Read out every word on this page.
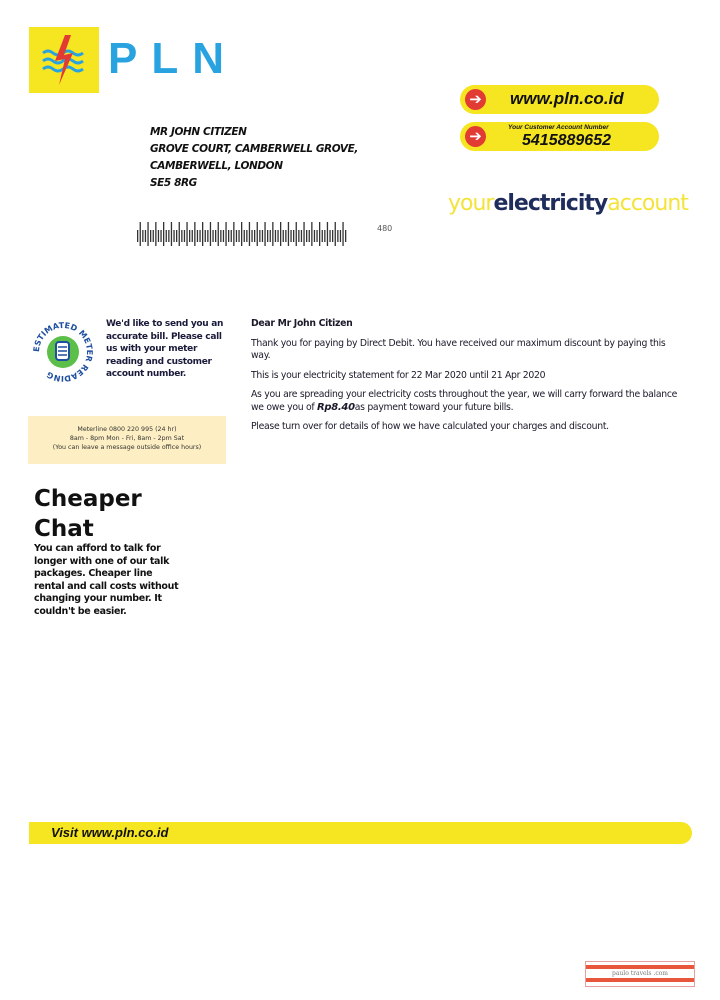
PLN
MR JOHN CITIZEN
GROVE COURT, CAMBERWELL GROVE,
CAMBERWELL, LONDON
SE5 8RG
480
➔ www.pln.co.id
➔	Your Customer Account Number
5415889652
yourelectricityaccount
ESTIMATED METER READING
We'd like to send you an accurate bill. Please call us with your meter reading and customer account number.
Meterline 0800 220 995 (24 hr)
8am - 8pm Mon - Fri, 8am - 2pm Sat
(You can leave a message outside office hours)
Cheaper
Chat
You can afford to talk for longer with one of our talk packages. Cheaper line rental and call costs without changing your number. It couldn't be easier.

Dear Mr John Citizen

Thank you for paying by Direct Debit. You have received our maximum discount by paying this way.

This is your electricity statement for 22 Mar 2020 until 21 Apr 2020

As you are spreading your electricity costs throughout the year, we will carry forward the balance we owe you of Rp8.40as payment toward your future bills.

Please turn over for details of how we have calculated your charges and discount.

Visit www.pln.co.id
paulo travels .com
